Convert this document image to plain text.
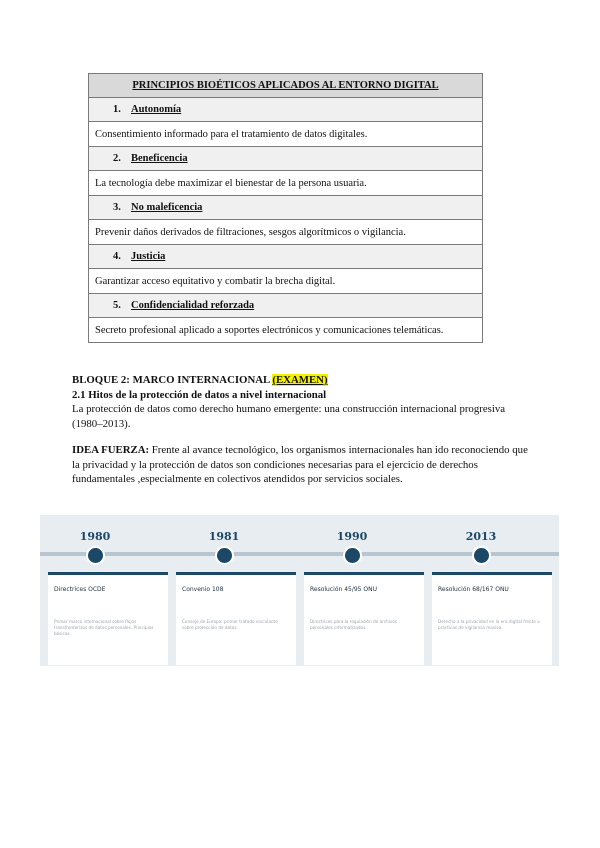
PRINCIPIOS BIOÉTICOS APLICADOS AL ENTORNO DIGITAL
1. Autonomía
Consentimiento informado para el tratamiento de datos digitales.
2. Beneficencia
La tecnología debe maximizar el bienestar de la persona usuaria.
3. No maleficencia
Prevenir daños derivados de filtraciones, sesgos algorítmicos o vigilancia.
4. Justicia
Garantizar acceso equitativo y combatir la brecha digital.
5. Confidencialidad reforzada
Secreto profesional aplicado a soportes electrónicos y comunicaciones telemáticas.

BLOQUE 2: MARCO INTERNACIONAL (EXAMEN)

2.1 Hitos de la protección de datos a nivel internacional

La protección de datos como derecho humano emergente: una construcción internacional progresiva (1980–2013).

IDEA FUERZA: Frente al avance tecnológico, los organismos internacionales han ido reconociendo que la privacidad y la protección de datos son condiciones necesarias para el ejercicio de derechos fundamentales ,especialmente en colectivos atendidos por servicios sociales.

1980	1981	1990	2013
Directrices OCDE
Primer marco internacional sobre flujos transfronterizos de datos personales. Principios básicos.
Convenio 108
Consejo de Europa: primer tratado vinculante sobre protección de datos.
Resolución 45/95 ONU
Directrices para la regulación de archivos personales informatizados.
Resolución 68/167 ONU
Derecho a la privacidad en la era digital frente a prácticas de vigilancia masiva.
